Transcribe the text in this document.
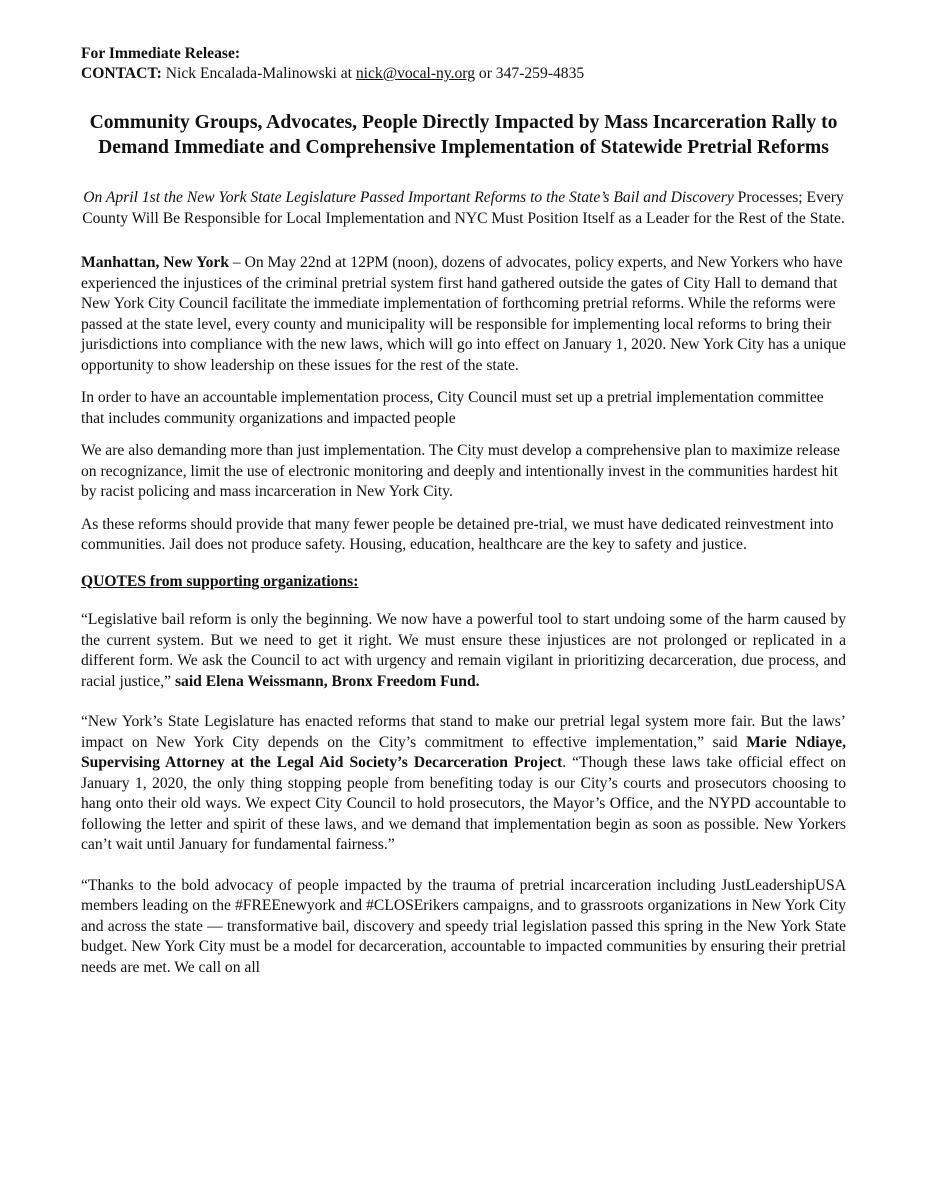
For Immediate Release:
CONTACT: Nick Encalada-Malinowski at nick@vocal-ny.org or 347-259-4835
Community Groups, Advocates, People Directly Impacted by Mass Incarceration Rally to Demand Immediate and Comprehensive Implementation of Statewide Pretrial Reforms

On April 1st the New York State Legislature Passed Important Reforms to the State’s Bail and Discovery Processes; Every County Will Be Responsible for Local Implementation and NYC Must Position Itself as a Leader for the Rest of the State.

Manhattan, New York – On May 22nd at 12PM (noon), dozens of advocates, policy experts, and New Yorkers who have experienced the injustices of the criminal pretrial system first hand gathered outside the gates of City Hall to demand that New York City Council facilitate the immediate implementation of forthcoming pretrial reforms. While the reforms were passed at the state level, every county and municipality will be responsible for implementing local reforms to bring their jurisdictions into compliance with the new laws, which will go into effect on January 1, 2020. New York City has a unique opportunity to show leadership on these issues for the rest of the state.

In order to have an accountable implementation process, City Council must set up a pretrial implementation committee that includes community organizations and impacted people

We are also demanding more than just implementation. The City must develop a comprehensive plan to maximize release on recognizance, limit the use of electronic monitoring and deeply and intentionally invest in the communities hardest hit by racist policing and mass incarceration in New York City.

As these reforms should provide that many fewer people be detained pre-trial, we must have dedicated reinvestment into communities. Jail does not produce safety. Housing, education, healthcare are the key to safety and justice.

QUOTES from supporting organizations:

“Legislative bail reform is only the beginning. We now have a powerful tool to start undoing some of the harm caused by the current system. But we need to get it right. We must ensure these injustices are not prolonged or replicated in a different form. We ask the Council to act with urgency and remain vigilant in prioritizing decarceration, due process, and racial justice,” said Elena Weissmann, Bronx Freedom Fund.

“New York’s State Legislature has enacted reforms that stand to make our pretrial legal system more fair. But the laws’ impact on New York City depends on the City’s commitment to effective implementation,” said Marie Ndiaye, Supervising Attorney at the Legal Aid Society’s Decarceration Project. “Though these laws take official effect on January 1, 2020, the only thing stopping people from benefiting today is our City’s courts and prosecutors choosing to hang onto their old ways. We expect City Council to hold prosecutors, the Mayor’s Office, and the NYPD accountable to following the letter and spirit of these laws, and we demand that implementation begin as soon as possible. New Yorkers can’t wait until January for fundamental fairness.”

“Thanks to the bold advocacy of people impacted by the trauma of pretrial incarceration including JustLeadershipUSA members leading on the #FREEnewyork and #CLOSErikers campaigns, and to grassroots organizations in New York City and across the state — transformative bail, discovery and speedy trial legislation passed this spring in the New York State budget. New York City must be a model for decarceration, accountable to impacted communities by ensuring their pretrial needs are met. We call on all
